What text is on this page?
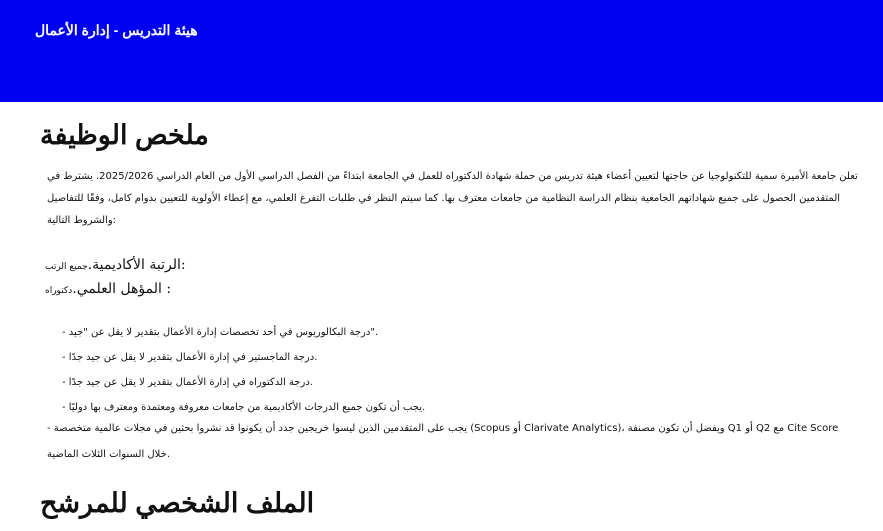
هيئة التدريس - إدارة الأعمال
ملخص الوظيفة
تعلن جامعة الأميرة سمية للتكنولوجيا عن حاجتها لتعيين أعضاء هيئة تدريس من حملة شهادة الدكتوراه للعمل في الجامعة ابتداءً من الفصل الدراسي الأول من العام الدراسي 2025/2026. يشترط في المتقدمين الحصول على جميع شهاداتهم الجامعية بنظام الدراسة النظامية من جامعات معترف بها. كما سيتم النظر في طلبات التفرغ العلمي، مع إعطاء الأولوية للتعيين بدوام كامل، وفقًا للتفاصيل والشروط التالية:
جميع الرتب .الرتبة الأكاديمية:
دكتوراه .المؤهل العلمي :
- درجة البكالوريوس في أحد تخصصات إدارة الأعمال بتقدير لا يقل عن "جيد".
- درجة الماجستير في إدارة الأعمال بتقدير لا يقل عن جيد جدًا.
- درجة الدكتوراه في إدارة الأعمال بتقدير لا يقل عن جيد جدًا.
- يجب أن تكون جميع الدرجات الأكاديمية من جامعات معروفة ومعتمدة ومعترف بها دوليًا.
- يجب على المتقدمين الذين ليسوا خريجين جدد أن يكونوا قد نشروا بحثين في مجلات عالمية متخصصة (Scopus أو Clarivate Analytics)، ويفضل أن تكون مصنفة Q1 أو Q2 مع Cite Score
خلال السنوات الثلاث الماضية.
الملف الشخصي للمرشح
